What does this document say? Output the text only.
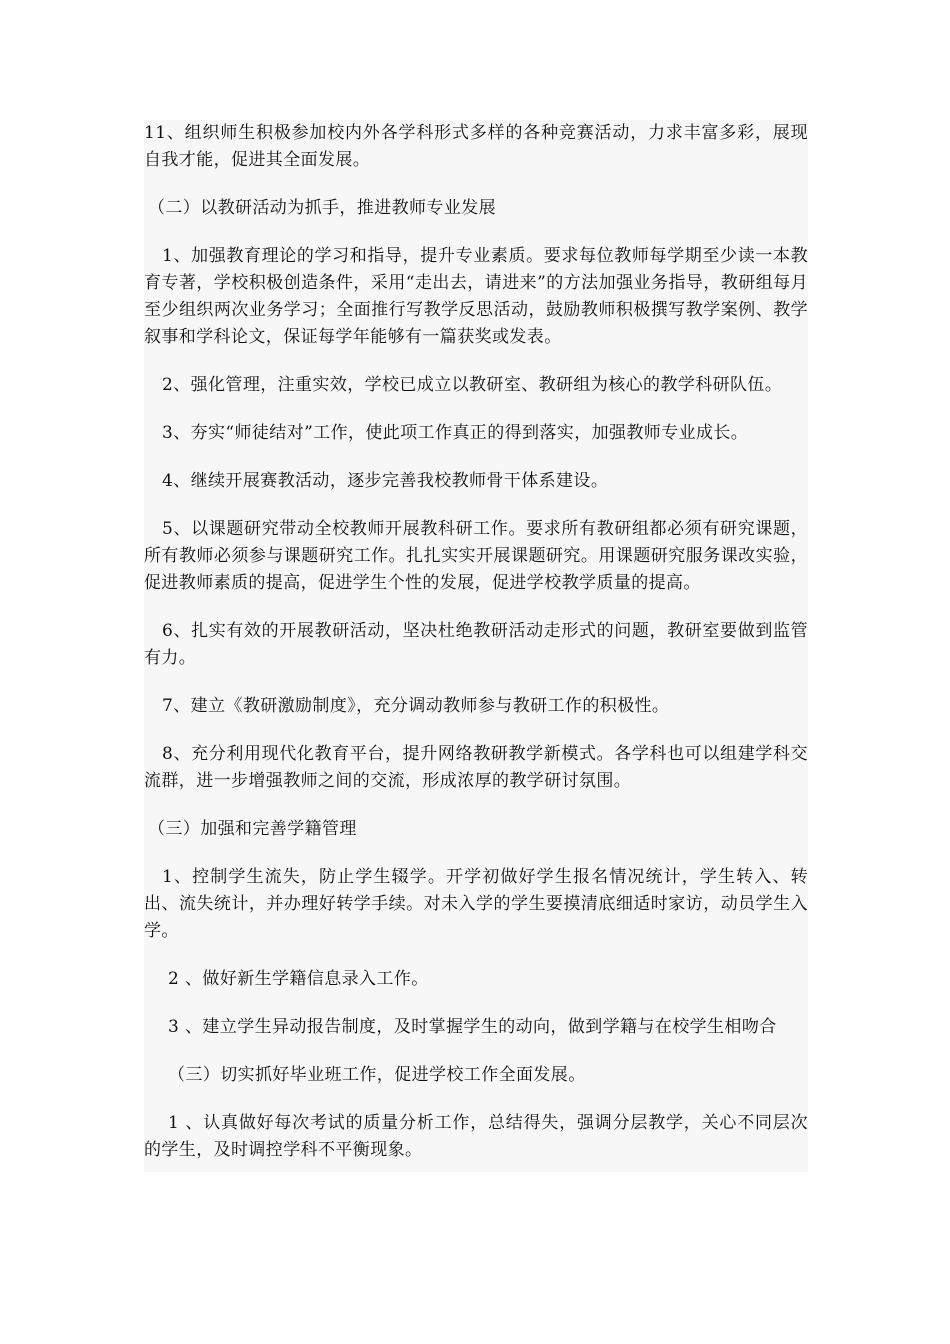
11、组织师生积极参加校内外各学科形式多样的各种竞赛活动，力求丰富多彩，展现自我才能，促进其全面发展。

（二）以教研活动为抓手，推进教师专业发展

1、加强教育理论的学习和指导，提升专业素质。要求每位教师每学期至少读一本教育专著，学校积极创造条件，采用“走出去，请进来”的方法加强业务指导，教研组每月至少组织两次业务学习；全面推行写教学反思活动，鼓励教师积极撰写教学案例、教学叙事和学科论文，保证每学年能够有一篇获奖或发表。

2、强化管理，注重实效，学校已成立以教研室、教研组为核心的教学科研队伍。

3、夯实“师徒结对”工作，使此项工作真正的得到落实，加强教师专业成长。

4、继续开展赛教活动，逐步完善我校教师骨干体系建设。

5、以课题研究带动全校教师开展教科研工作。要求所有教研组都必须有研究课题，所有教师必须参与课题研究工作。扎扎实实开展课题研究。用课题研究服务课改实验，促进教师素质的提高，促进学生个性的发展，促进学校教学质量的提高。

6、扎实有效的开展教研活动，坚决杜绝教研活动走形式的问题，教研室要做到监管有力。

7、建立《教研激励制度》，充分调动教师参与教研工作的积极性。

8、充分利用现代化教育平台，提升网络教研教学新模式。各学科也可以组建学科交流群，进一步增强教师之间的交流，形成浓厚的教学研讨氛围。

（三）加强和完善学籍管理

1、控制学生流失，防止学生辍学。开学初做好学生报名情况统计，学生转入、转出、流失统计，并办理好转学手续。对未入学的学生要摸清底细适时家访，动员学生入学。

2 、做好新生学籍信息录入工作。

3 、建立学生异动报告制度，及时掌握学生的动向，做到学籍与在校学生相吻合

（三）切实抓好毕业班工作，促进学校工作全面发展。

1 、认真做好每次考试的质量分析工作，总结得失，强调分层教学，关心不同层次的学生，及时调控学科不平衡现象。
